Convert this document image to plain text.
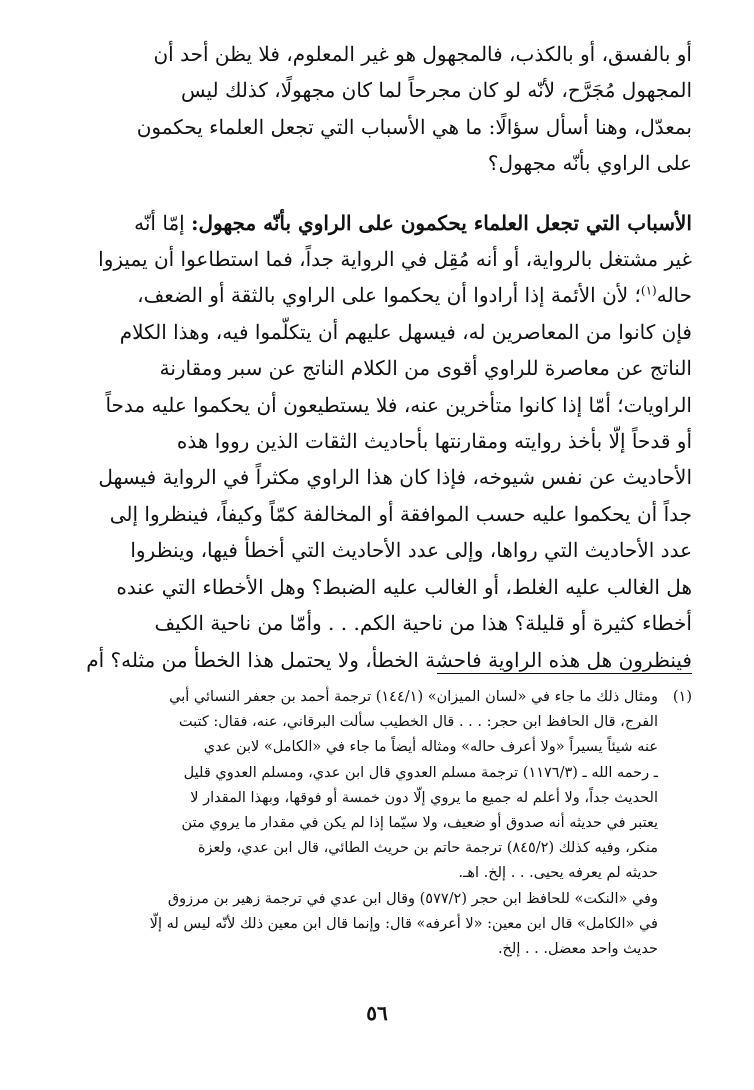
أو بالفسق، أو بالكذب، فالمجهول هو غير المعلوم، فلا يظن أحد أن

المجهول مُجَرَّح، لأنّه لو كان مجرحاً لما كان مجهولًا، كذلك ليس

بمعدّل، وهنا أسأل سؤالًا: ما هي الأسباب التي تجعل العلماء يحكمون

على الراوي بأنّه مجهول؟

الأسباب التي تجعل العلماء يحكمون على الراوي بأنّه مجهول: إمّا أنّه

غير مشتغل بالرواية، أو أنه مُقِل في الرواية جداً، فما استطاعوا أن يميزوا

حاله$^{(١)}$؛ لأن الأئمة إذا أرادوا أن يحكموا على الراوي بالثقة أو الضعف،

فإن كانوا من المعاصرين له، فيسهل عليهم أن يتكلّموا فيه، وهذا الكلام

الناتج عن معاصرة للراوي أقوى من الكلام الناتج عن سبر ومقارنة

الراويات؛ أمّا إذا كانوا متأخرين عنه، فلا يستطيعون أن يحكموا عليه مدحاً

أو قدحاً إلّا بأخذ روايته ومقارنتها بأحاديث الثقات الذين رووا هذه

الأحاديث عن نفس شيوخه، فإذا كان هذا الراوي مكثراً في الرواية فيسهل

جداً أن يحكموا عليه حسب الموافقة أو المخالفة كمّاً وكيفاً، فينظروا إلى

عدد الأحاديث التي رواها، وإلى عدد الأحاديث التي أخطأ فيها، وينظروا

هل الغالب عليه الغلط، أو الغالب عليه الضبط؟ وهل الأخطاء التي عنده

أخطاء كثيرة أو قليلة؟ هذا من ناحية الكم. . . وأمّا من ناحية الكيف

فينظرون هل هذه الراوية فاحشة الخطأ، ولا يحتمل هذا الخطأ من مثله؟ أم

(١)

ومثال ذلك ما جاء في «لسان الميزان» (١٤٤/١) ترجمة أحمد بن جعفر النسائي أبي

الفرج، قال الحافظ ابن حجر: . . . قال الخطيب سألت البرقاني، عنه، فقال: كتبت

عنه شيئاً يسيراً «ولا أعرف حاله» ومثاله أيضاً ما جاء في «الكامل» لابن عدي

ـ رحمه الله ـ (١١٧٦/٣) ترجمة مسلم العدوي قال ابن عدي، ومسلم العدوي قليل

الحديث جداً، ولا أعلم له جميع ما يروي إلّا دون خمسة أو فوقها، وبهذا المقدار لا

يعتبر في حديثه أنه صدوق أو ضعيف، ولا سيّما إذا لم يكن في مقدار ما يروي متن

منكر، وفيه كذلك (٨٤٥/٢) ترجمة حاتم بن حريث الطائي، قال ابن عدي، ولعزة

حديثه لم يعرفه يحيى. . . إلخ. اهـ.

وفي «النكت» للحافظ ابن حجر (٥٧٧/٢) وقال ابن عدي في ترجمة زهير بن مرزوق

في «الكامل» قال ابن معين: «لا أعرفه» قال: وإنما قال ابن معين ذلك لأنّه ليس له إلّا

حديث واحد معضل. . . إلخ.

٥٦
